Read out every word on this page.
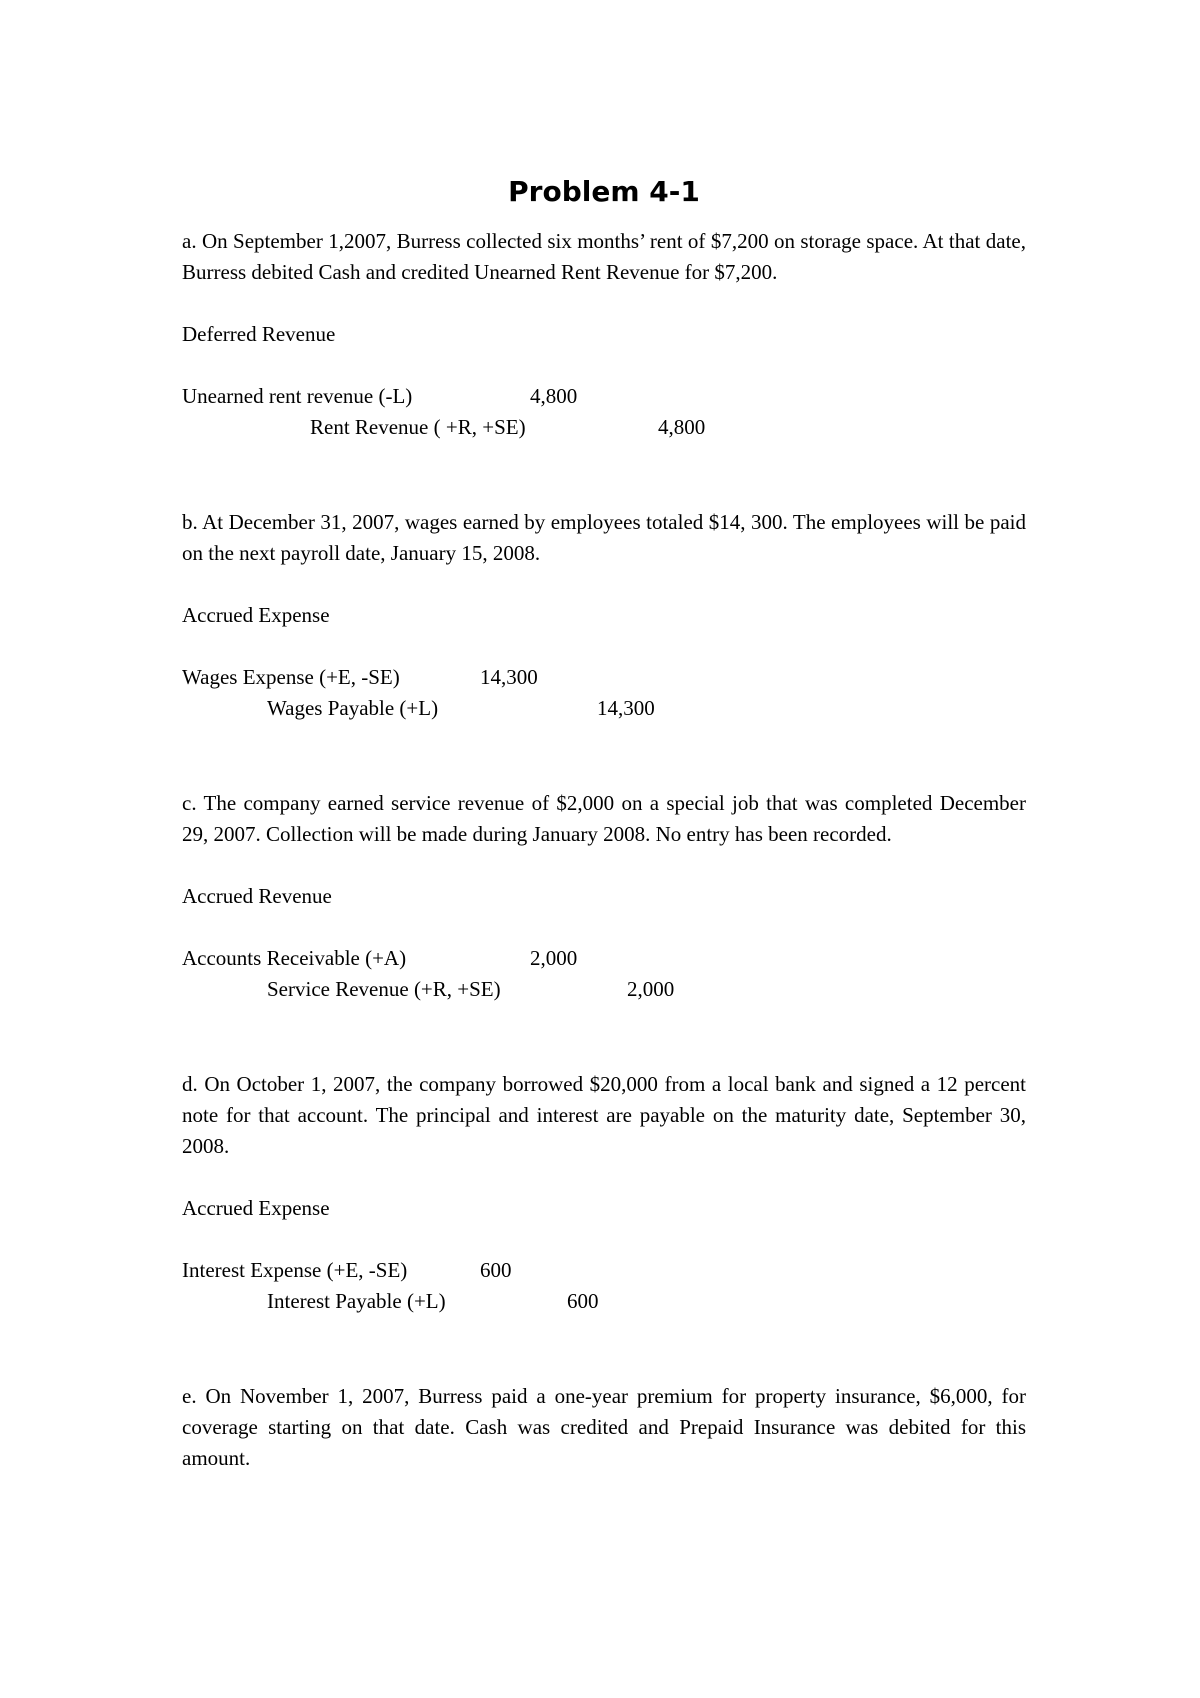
Problem 4-1

a. On September 1,2007, Burress collected six months’ rent of $7,200 on storage space. At that date, Burress debited Cash and credited Unearned Rent Revenue for $7,200.

Deferred Revenue

Unearned rent revenue (-L)	4,800
Rent Revenue ( +R, +SE)	4,800

b. At December 31, 2007, wages earned by employees totaled $14, 300. The employees will be paid on the next payroll date, January 15, 2008.

Accrued Expense

Wages Expense (+E, -SE)	14,300
Wages Payable (+L)	14,300

c. The company earned service revenue of $2,000 on a special job that was completed December 29, 2007. Collection will be made during January 2008. No entry has been recorded.

Accrued Revenue

Accounts Receivable (+A)	2,000
Service Revenue (+R, +SE)	2,000

d. On October 1, 2007, the company borrowed $20,000 from a local bank and signed a 12 percent note for that account. The principal and interest are payable on the maturity date, September 30, 2008.

Accrued Expense

Interest Expense (+E, -SE)	600
Interest Payable (+L)	600

e. On November 1, 2007, Burress paid a one-year premium for property insurance, $6,000, for coverage starting on that date. Cash was credited and Prepaid Insurance was debited for this amount.
